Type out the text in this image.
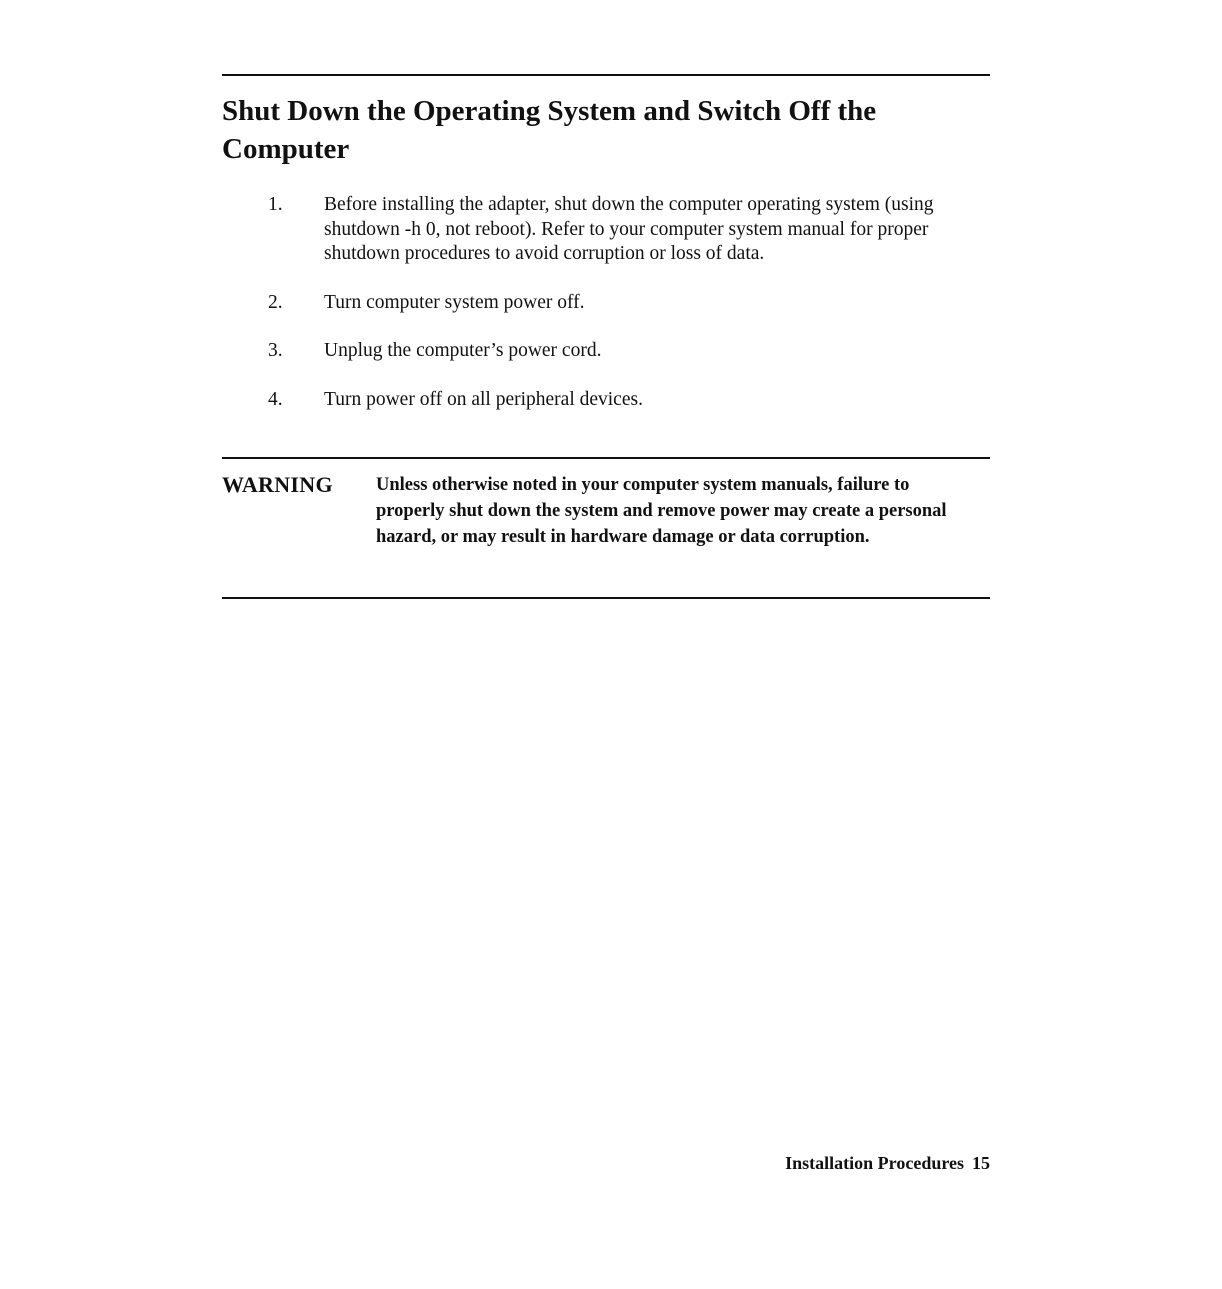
Shut Down the Operating System and Switch Off the Computer
1. Before installing the adapter, shut down the computer operating system (using shutdown -h 0, not reboot). Refer to your computer system manual for proper shutdown procedures to avoid corruption or loss of data.
2. Turn computer system power off.
3. Unplug the computer’s power cord.
4. Turn power off on all peripheral devices.
WARNING Unless otherwise noted in your computer system manuals, failure to properly shut down the system and remove power may create a personal hazard, or may result in hardware damage or data corruption.
Installation Procedures 15
